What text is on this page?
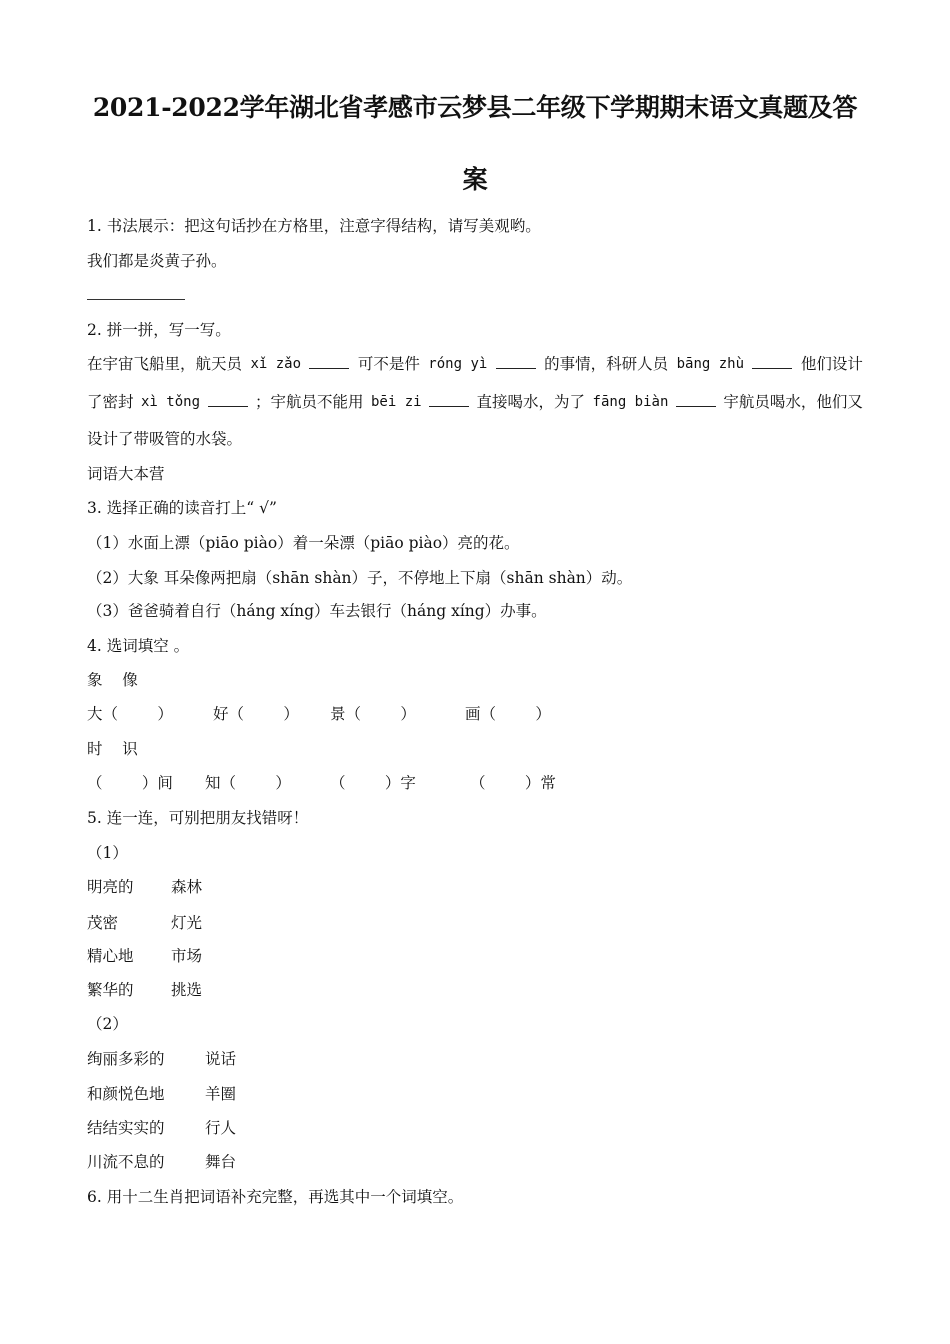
2021-2022学年湖北省孝感市云梦县二年级下学期期末语文真题及答
案

1. 书法展示：把这句话抄在方格里，注意字得结构，请写美观哟。

我们都是炎黄子孙。

2. 拼一拼，写一写。

在宇宙飞船里，航天员 xǐ zǎo	可不是件 róng yì	的事情，科研人员 bāng zhù	他们设计

了密封 xì tǒng	；宇航员不能用 bēi zi	直接喝水，为了 fāng biàn	宇航员喝水，他们又

设计了带吸管的水袋。

词语大本营

3. 选择正确的读音打上“ √”

（1）水面上漂（piāo piào）着一朵漂（piāo piào）亮的花。

（2）大象 耳朵像两把扇（shān shàn）子，不停地上下扇（shān shàn）动。

（3）爸爸骑着自行（háng xíng）车去银行（háng xíng）办事。

4. 选词填空 。

象    像

大（        ）	好（        ） 景（        ）	画（        ）

时    识

（        ）间 知（        ）	（        ）字	（        ）常

5. 连一连，可别把朋友找错呀！

（1）

明亮的 森林
茂密	灯光
精心地 市场
繁华的 挑选

（2）

绚丽多彩的	说话
和颜悦色地	羊圈
结结实实的	行人
川流不息的	舞台

6. 用十二生肖把词语补充完整，再选其中一个词填空。
